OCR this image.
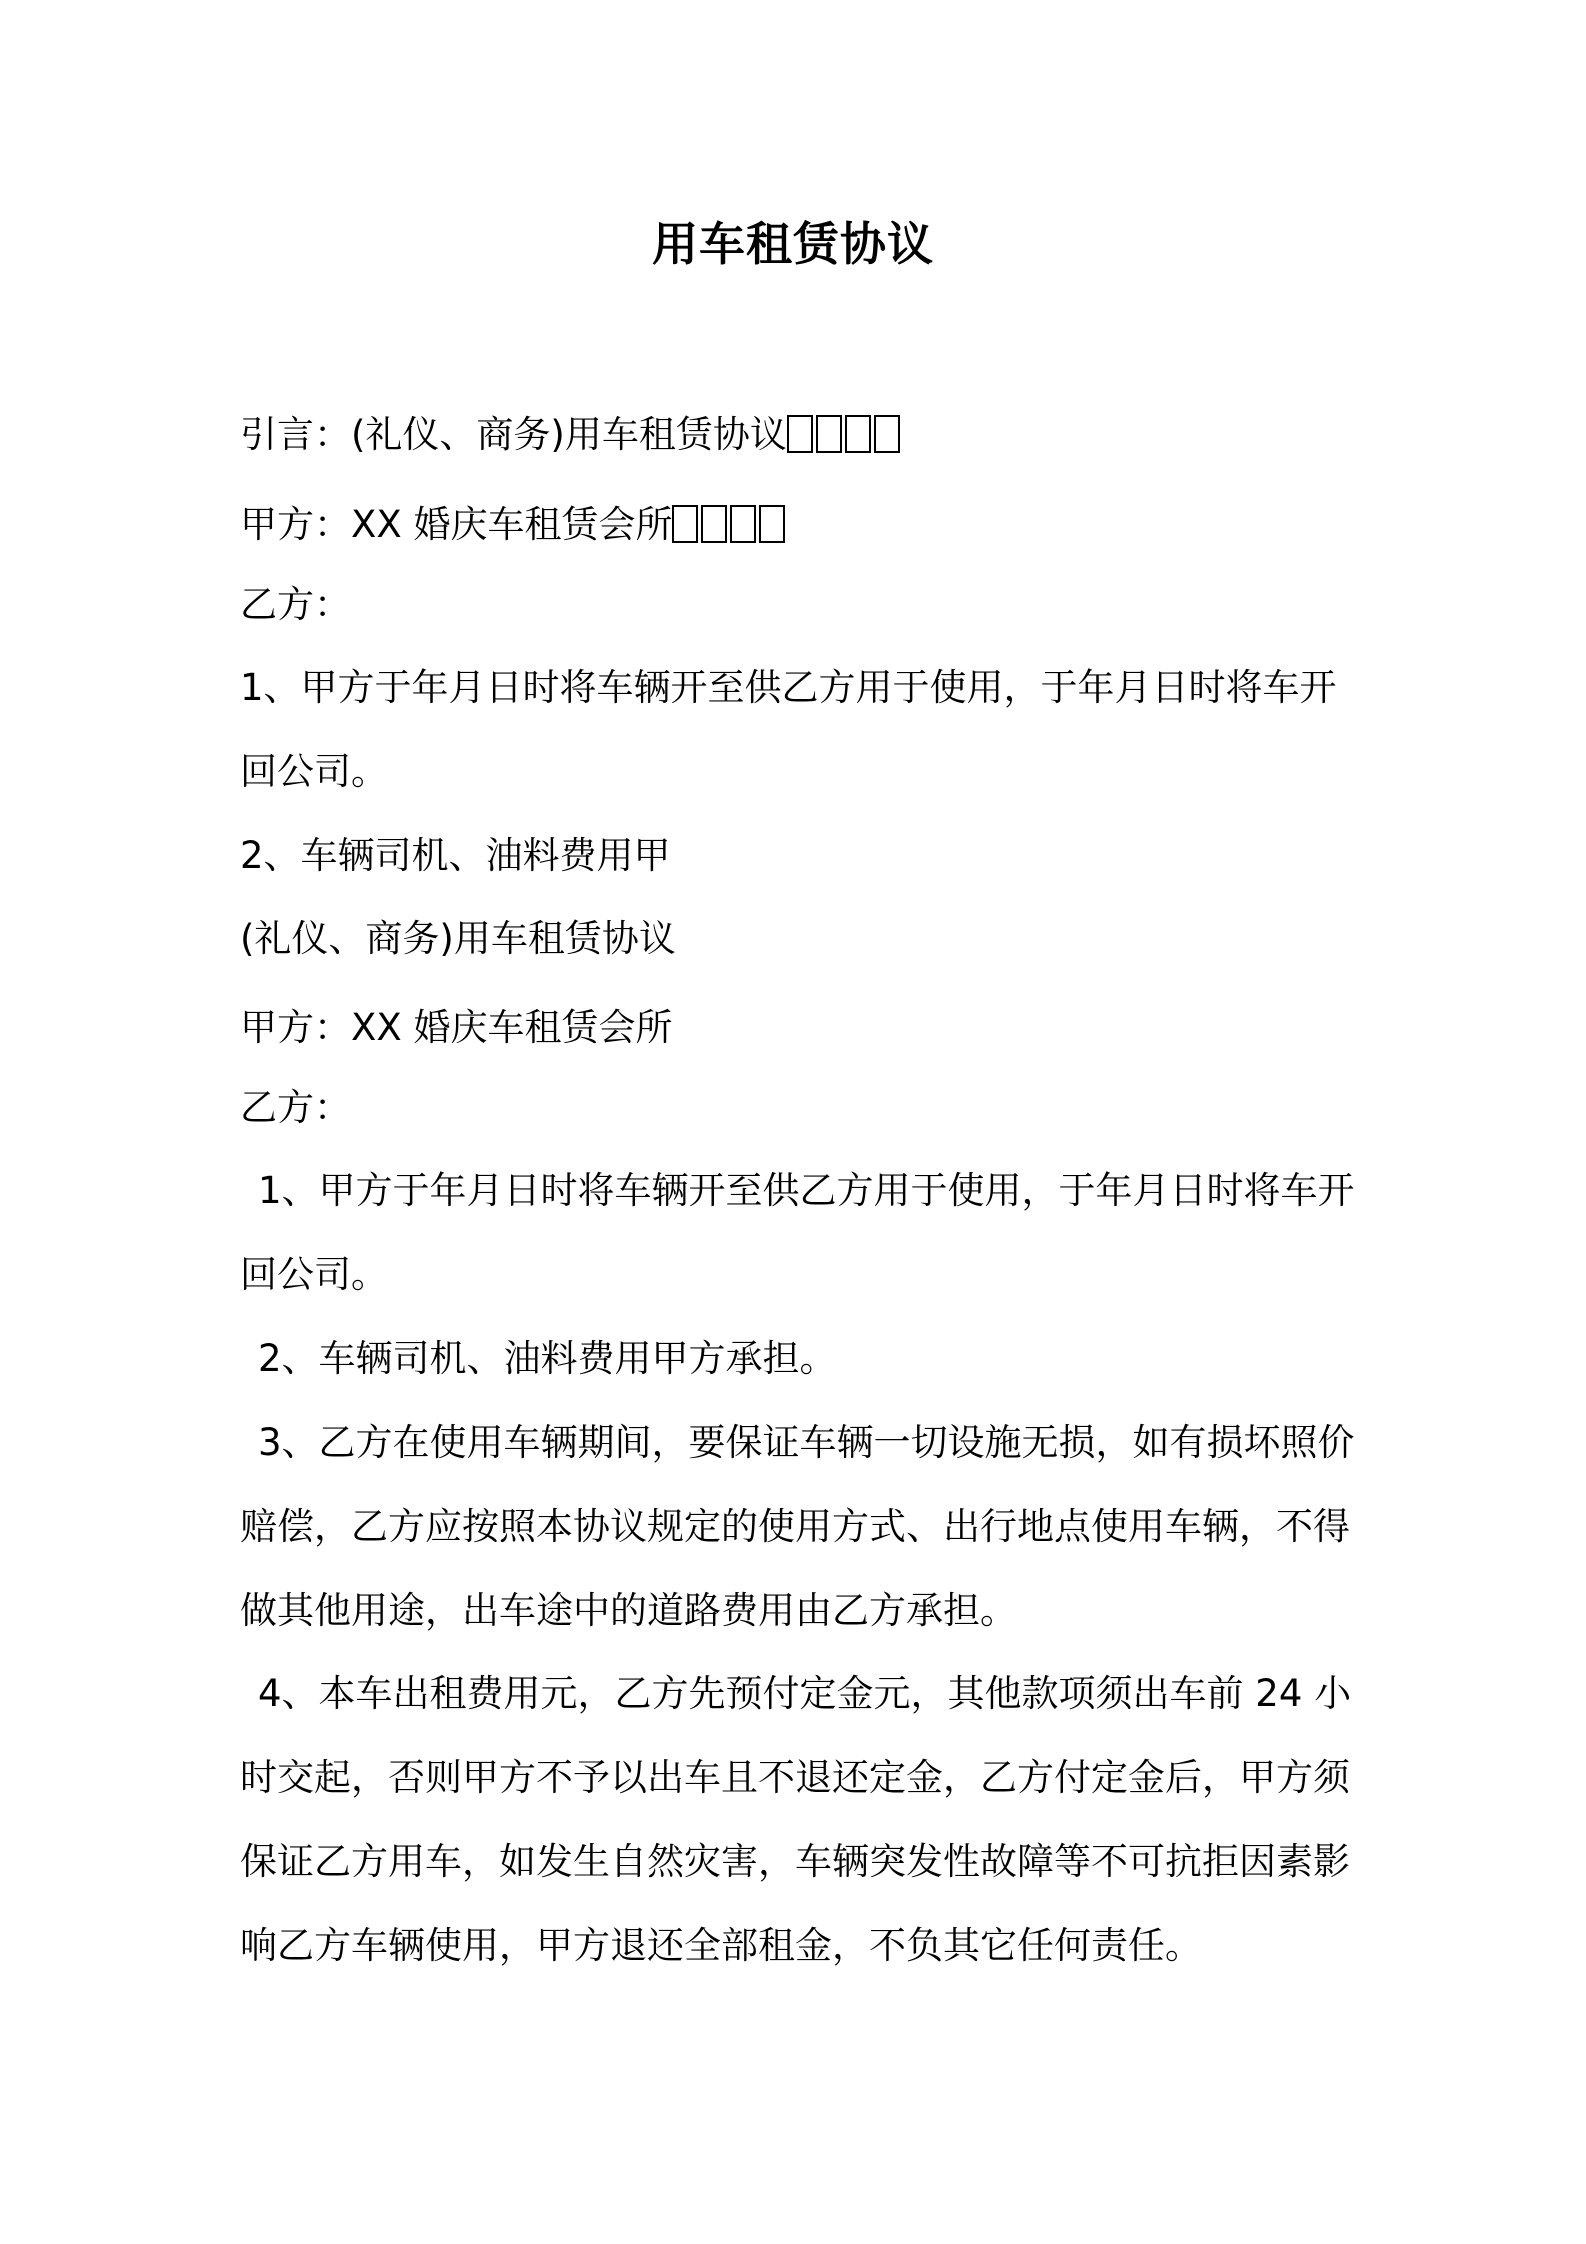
用车租赁协议
引言：(礼仪、商务)用车租赁协议
甲方：XX 婚庆车租赁会所
乙方：
1、甲方于年月日时将车辆开至供乙方用于使用，于年月日时将车开
回公司。
2、车辆司机、油料费用甲
(礼仪、商务)用车租赁协议
甲方：XX 婚庆车租赁会所
乙方：
1、甲方于年月日时将车辆开至供乙方用于使用，于年月日时将车开
回公司。
2、车辆司机、油料费用甲方承担。
3、乙方在使用车辆期间，要保证车辆一切设施无损，如有损坏照价
赔偿，乙方应按照本协议规定的使用方式、出行地点使用车辆，不得
做其他用途，出车途中的道路费用由乙方承担。
4、本车出租费用元，乙方先预付定金元，其他款项须出车前 24 小
时交起，否则甲方不予以出车且不退还定金，乙方付定金后，甲方须
保证乙方用车，如发生自然灾害，车辆突发性故障等不可抗拒因素影
响乙方车辆使用，甲方退还全部租金，不负其它任何责任。
